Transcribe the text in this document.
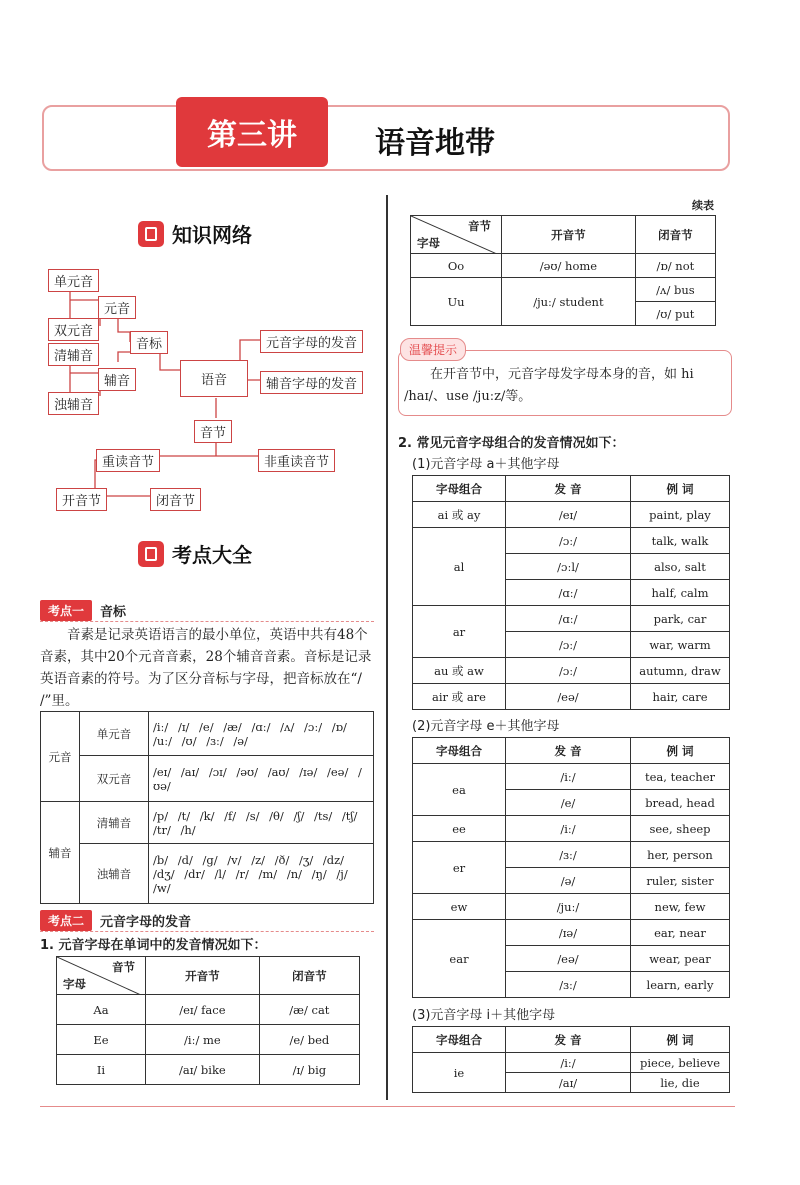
第三讲	语音地带
知识网络
单元音
元音
双元音
音标
清辅音
元音字母的发音
辅音	语音	辅音字母的发音
浊辅音
音节
重读音节	非重读音节
开音节	闭音节
考点大全
考点一	音标

音素是记录英语语言的最小单位，英语中共有48个音素，其中20个元音音素，28个辅音音素。音标是记录英语音素的符号。为了区分音标与字母，把音标放在“/ /”里。

元音	单元音	/iː/ /ɪ/ /e/ /æ/ /ɑː/ /ʌ/ /ɔː/ /ɒ/ /uː/ /ʊ/ /ɜː/ /ə/
	双元音	/eɪ/ /aɪ/ /ɔɪ/ /əʊ/ /aʊ/ /ɪə/ /eə/ /ʊə/
辅音	清辅音	/p/ /t/ /k/ /f/ /s/ /θ/ /ʃ/ /ts/ /tʃ/ /tr/ /h/
	浊辅音	/b/ /d/ /g/ /v/ /z/ /ð/ /ʒ/ /dz/ /dʒ/ /dr/ /l/ /r/ /m/ /n/ /ŋ/ /j/ /w/
考点二	元音字母的发音
1. 元音字母在单词中的发音情况如下：
音节
字母	开音节	闭音节
Aa	/eɪ/ face	/æ/ cat
Ee	/iː/ me	/e/ bed
Ii	/aɪ/ bike	/ɪ/ big
续表
音节
字母	开音节	闭音节
Oo	/əʊ/ home	/ɒ/ not
Uu	/juː/ student	/ʌ/ bus
		/ʊ/ put
温馨提示
在开音节中，元音字母发字母本身的音，如 hi /haɪ/、use /juːz/等。
2. 常见元音字母组合的发音情况如下：
(1)元音字母 a＋其他字母
字母组合	发 音	例 词
ai 或 ay	/eɪ/	paint, play
al	/ɔː/	talk, walk
	/ɔːl/	also, salt
	/ɑː/	half, calm
ar	/ɑː/	park, car
	/ɔː/	war, warm
au 或 aw	/ɔː/	autumn, draw
air 或 are	/eə/	hair, care
(2)元音字母 e＋其他字母
字母组合	发 音	例 词
ea	/iː/	tea, teacher
	/e/	bread, head
ee	/iː/	see, sheep
er	/ɜː/	her, person
	/ə/	ruler, sister
ew	/juː/	new, few
ear	/ɪə/	ear, near
	/eə/	wear, pear
	/ɜː/	learn, early
(3)元音字母 i＋其他字母
字母组合	发 音	例 词
ie	/iː/	piece, believe
	/aɪ/	lie, die
